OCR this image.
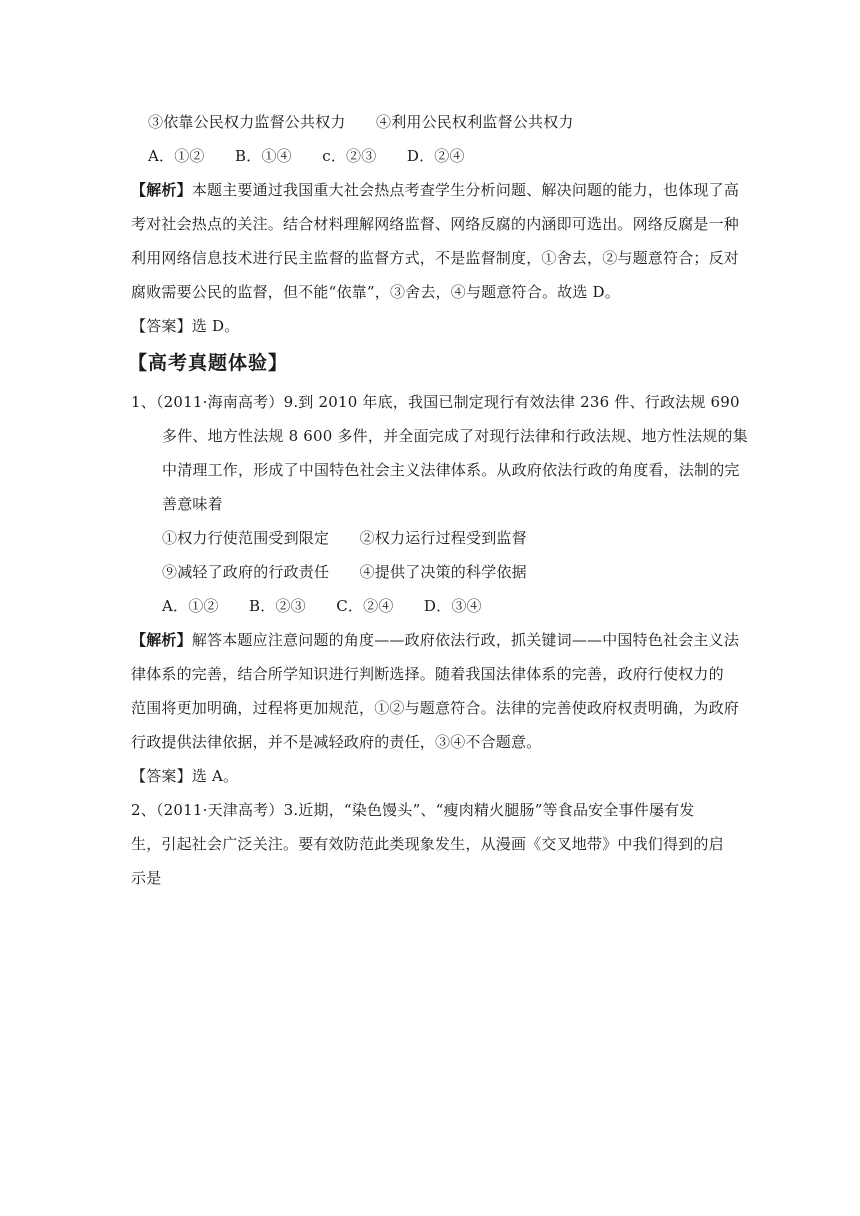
③依靠公民权力监督公共权力　　④利用公民权利监督公共权力
A．①②　　B．①④　　c．②③　　D．②④
【解析】本题主要通过我国重大社会热点考查学生分析问题、解决问题的能力，也体现了高
考对社会热点的关注。结合材料理解网络监督、网络反腐的内涵即可选出。网络反腐是一种
利用网络信息技术进行民主监督的监督方式，不是监督制度，①舍去，②与题意符合；反对
腐败需要公民的监督，但不能“依靠”，③舍去，④与题意符合。故选 D。
【答案】选 D。
【高考真题体验】
1、（2011·海南高考）9.到 2010 年底，我国已制定现行有效法律 236 件、行政法规 690
多件、地方性法规 8 600 多件，并全面完成了对现行法律和行政法规、地方性法规的集
中清理工作，形成了中国特色社会主义法律体系。从政府依法行政的角度看，法制的完
善意味着
①权力行使范围受到限定　　②权力运行过程受到监督
⑨减轻了政府的行政责任　　④提供了决策的科学依据
A．①②　　B．②③　　C．②④　　D．③④
【解析】解答本题应注意问题的角度——政府依法行政，抓关键词——中国特色社会主义法
律体系的完善，结合所学知识进行判断选择。随着我国法律体系的完善，政府行使权力的
范围将更加明确，过程将更加规范，①②与题意符合。法律的完善使政府权责明确，为政府
行政提供法律依据，并不是减轻政府的责任，③④不合题意。
【答案】选 A。
2、（2011·天津高考）3.近期，“染色馒头”、“瘦肉精火腿肠”等食品安全事件屡有发
生，引起社会广泛关注。要有效防范此类现象发生，从漫画《交叉地带》中我们得到的启
示是
